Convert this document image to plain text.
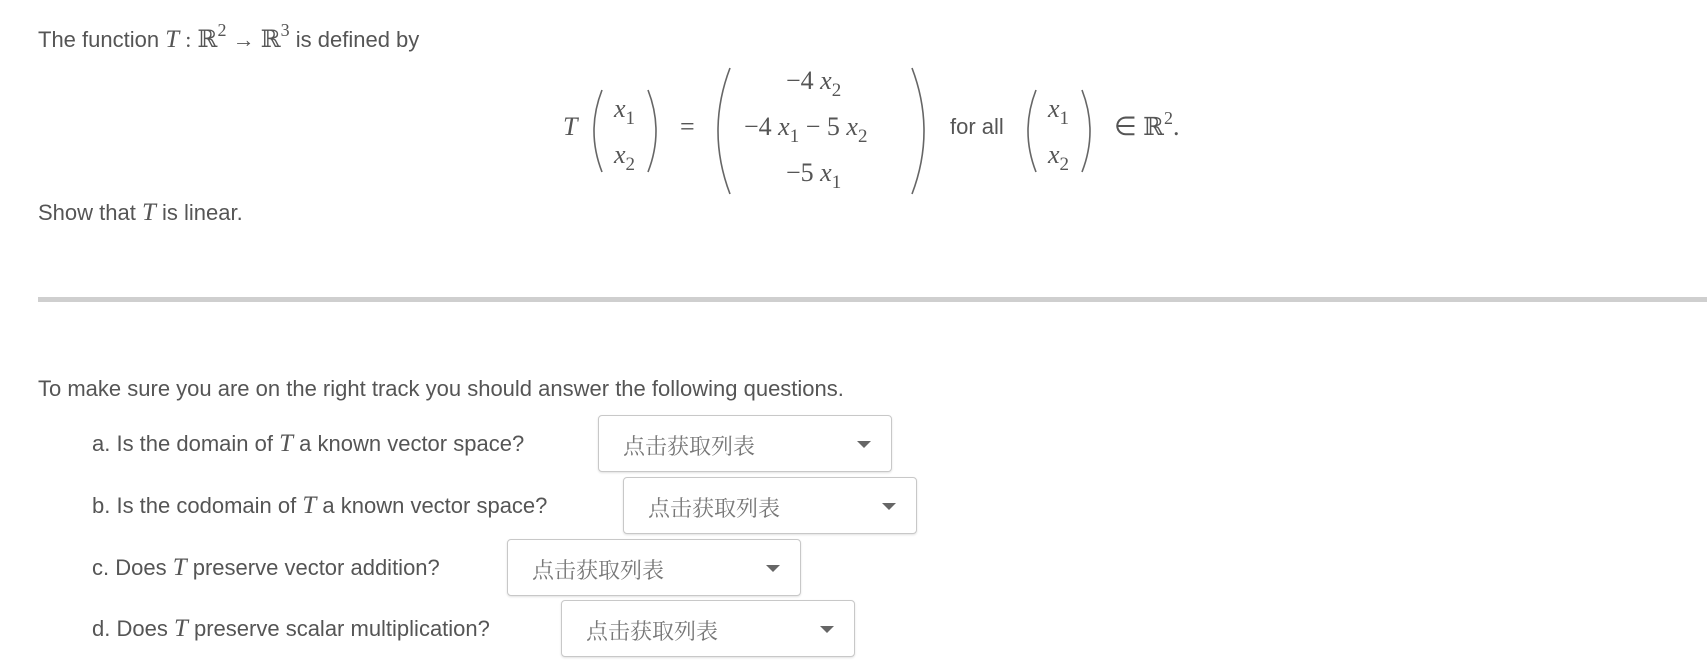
The function T : ℝ$^2$ → ℝ$^3$ is defined by
T
$x_1$
$x_2$
=
−4 $x_2$
−4 $x_1 - 5$ $x_2$
−5 $x_1$
for all
$x_1$
$x_2$
∈ ℝ$^2$.
Show that T is linear.
To make sure you are on the right track you should answer the following questions.
a. Is the domain of T a known vector space?	点击获取列表
b. Is the codomain of T a known vector space?	点击获取列表
c. Does T preserve vector addition?	点击获取列表
d. Does T preserve scalar multiplication?	点击获取列表
